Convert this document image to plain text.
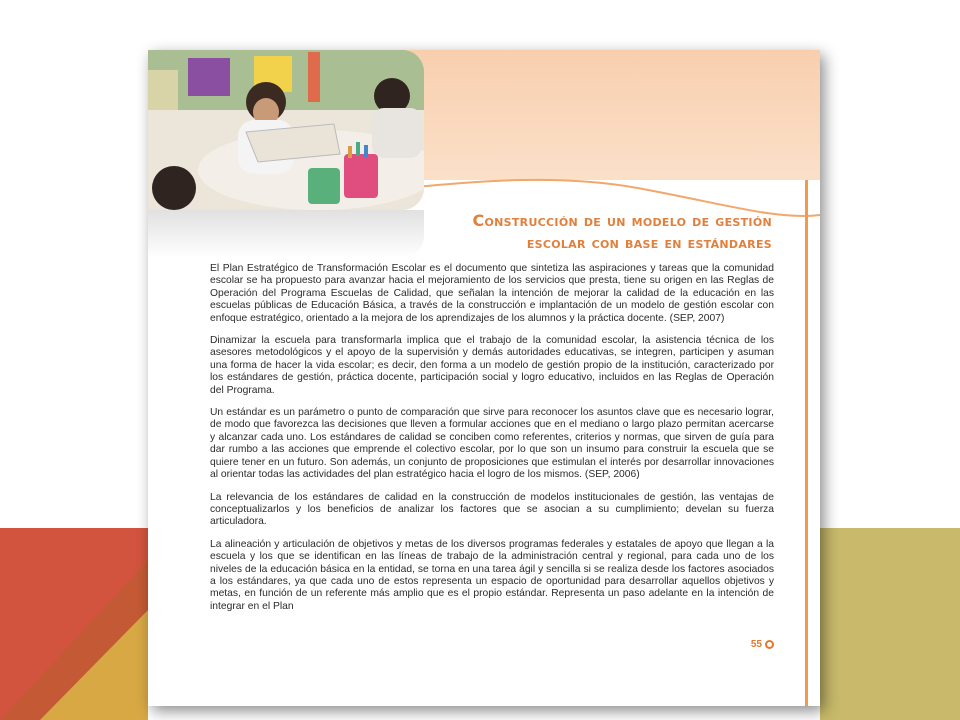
Construcción de un modelo de gestión
escolar con base en estándares

El Plan Estratégico de Transformación Escolar es el documento que sintetiza las aspiraciones y tareas que la comunidad escolar se ha propuesto para avanzar hacia el mejoramiento de los servicios que presta, tiene su origen en las Reglas de Operación del Programa Escuelas de Calidad, que señalan la intención de mejorar la calidad de la educación en las escuelas públicas de Educación Básica, a través de la construcción e implantación de un modelo de gestión escolar con enfoque estratégico, orientado a la mejora de los aprendizajes de los alumnos y la práctica docente. (SEP, 2007)

Dinamizar la escuela para transformarla implica que el trabajo de la comunidad escolar, la asistencia técnica de los asesores metodológicos y el apoyo de la supervisión y demás autoridades educativas, se integren, participen y asuman una forma de hacer la vida escolar; es decir, den forma a un modelo de gestión propio de la institución, caracterizado por los estándares de gestión, práctica docente, participación social y logro educativo, incluidos en las Reglas de Operación del Programa.

Un estándar es un parámetro o punto de comparación que sirve para reconocer los asuntos clave que es necesario lograr, de modo que favorezca las decisiones que lleven a formular acciones que en el mediano o largo plazo permitan acercarse y alcanzar cada uno. Los estándares de calidad se conciben como referentes, criterios y normas, que sirven de guía para dar rumbo a las acciones que emprende el colectivo escolar, por lo que son un insumo para construir la escuela que se quiere tener en un futuro. Son además, un conjunto de proposiciones que estimulan el interés por desarrollar innovaciones al orientar todas las actividades del plan estratégico hacia el logro de los mismos. (SEP, 2006)

La relevancia de los estándares de calidad en la construcción de modelos institucionales de gestión, las ventajas de conceptualizarlos y los beneficios de analizar los factores que se asocian a su cumplimiento; develan su fuerza articuladora.

La alineación y articulación de objetivos y metas de los diversos programas federales y estatales de apoyo que llegan a la escuela y los que se identifican en las líneas de trabajo de la administración central y regional, para cada uno de los niveles de la educación básica en la entidad, se torna en una tarea ágil y sencilla si se realiza desde los factores asociados a los estándares, ya que cada uno de estos representa un espacio de oportunidad para desarrollar aquellos objetivos y metas, en función de un referente más amplio que es el propio estándar. Representa un paso adelante en la intención de integrar en el Plan

55
